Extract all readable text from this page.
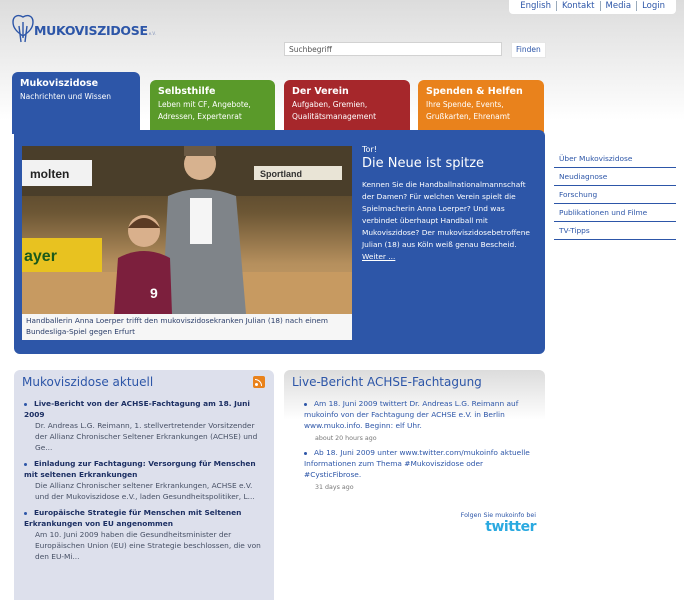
English	Kontakt	Media	Login
MUKOVISZIDOSE e.V.
Suchbegriff	Finden
Mukoviszidose
Nachrichten und Wissen	Selbsthilfe
Leben mit CF, Angebote, Adressen, Expertenrat
Der Verein
Aufgaben, Gremien, Qualitätsmanagement
Spenden & Helfen
Ihre Spende, Events, Grußkarten, Ehrenamt
molten	Sportland
ayer
9
Handballerin Anna Loerper trifft den mukoviszidosekranken Julian (18) nach einem Bundesliga-Spiel gegen Erfurt
Tor!
Die Neue ist spitze
Kennen Sie die Handballnationalmannschaft der Damen? Für welchen Verein spielt die Spielmacherin Anna Loerper? Und was verbindet überhaupt Handball mit Mukoviszidose? Der mukoviszidosebetroffene Julian (18) aus Köln weiß genau Bescheid. Weiter ...
Über Mukoviszidose
Neudiagnose
Forschung
Publikationen und Filme
TV-Tipps
Mukoviszidose aktuell
Live-Bericht von der ACHSE-Fachtagung am 18. Juni 2009
Dr. Andreas L.G. Reimann, 1. stellvertretender Vorsitzender der Allianz Chronischer Seltener Erkrankungen (ACHSE) und Ge...
Einladung zur Fachtagung: Versorgung für Menschen mit seltenen Erkrankungen
Die Allianz Chronischer seltener Erkrankungen, ACHSE e.V. und der Mukoviszidose e.V., laden Gesundheitspolitiker, L...
Europäische Strategie für Menschen mit Seltenen Erkrankungen von EU angenommen
Am 10. Juni 2009 haben die Gesundheitsminister der Europäischen Union (EU) eine Strategie beschlossen, die von den EU-Mi...
Live-Bericht ACHSE-Fachtagung
Am 18. Juni 2009 twittert Dr. Andreas L.G. Reimann auf mukoinfo von der Fachtagung der ACHSE e.V. in Berlin www.muko.info. Beginn: elf Uhr.
about 20 hours ago
Ab 18. Juni 2009 unter www.twitter.com/mukoinfo aktuelle Informationen zum Thema #Mukoviszidose oder #CysticFibrose.
31 days ago
Folgen Sie mukoinfo bei
twitter
